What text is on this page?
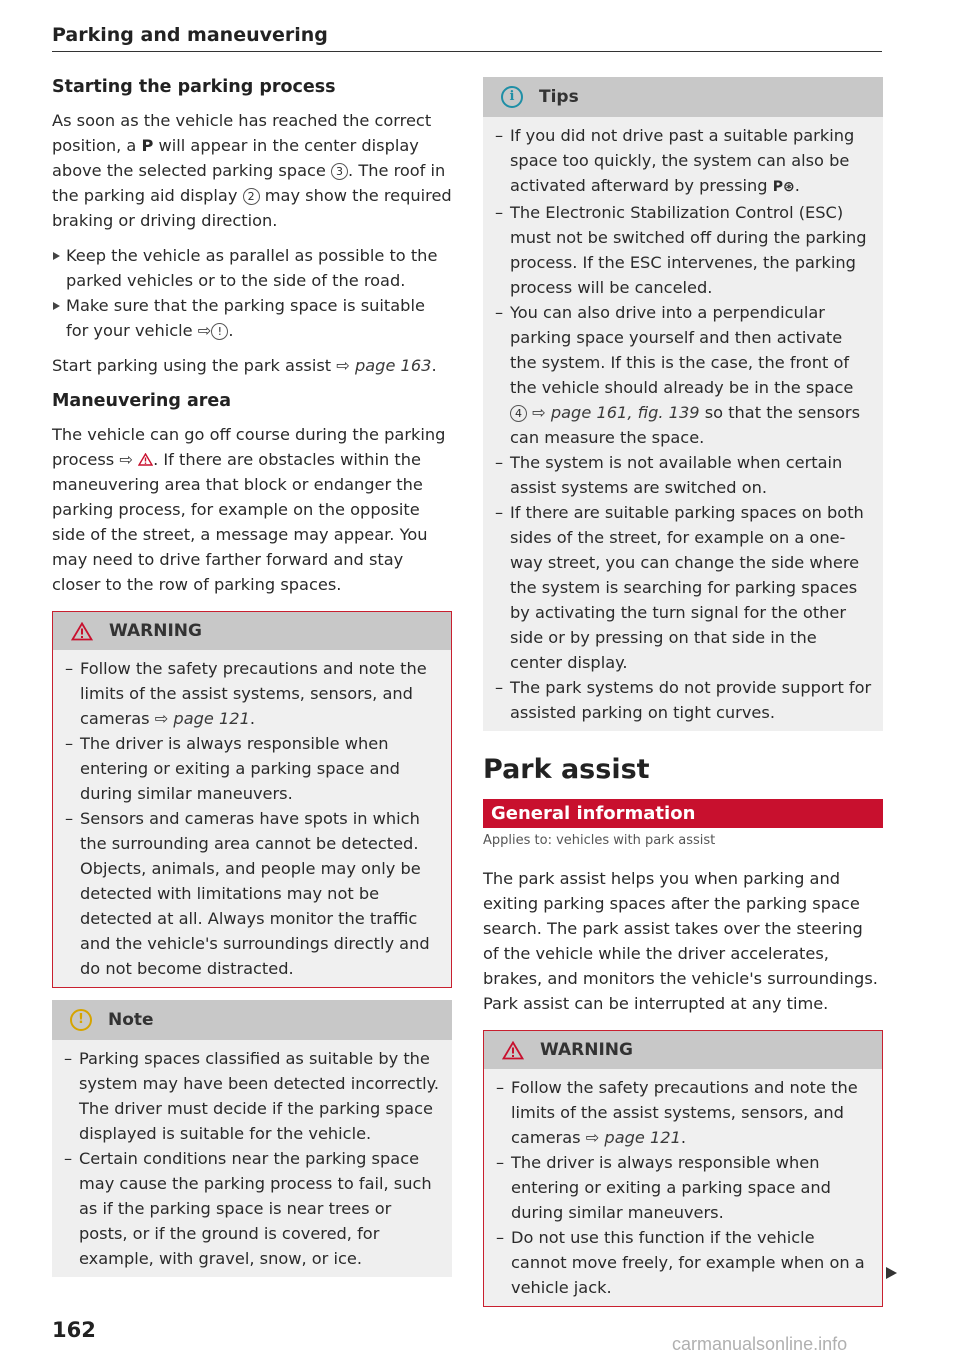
Parking and maneuvering
Starting the parking process

As soon as the vehicle has reached the correct position, a P will appear in the center display above the selected parking space 3 . The roof in the parking aid display 2 may show the required braking or driving direction.

Keep the vehicle as parallel as possible to the parked vehicles or to the side of the road.
Make sure that the parking space is suitable for your vehicle ⇨ ! .

Start parking using the park assist ⇨ page 163.

Maneuvering area

The vehicle can go off course during the parking process ⇨ . If there are obstacles within the maneuvering area that block or endanger the parking process, for example on the opposite side of the street, a message may appear. You may need to drive farther forward and stay closer to the row of parking spaces.

WARNING
– Follow the safety precautions and note the limits of the assist systems, sensors, and cameras ⇨ page 121.
– The driver is always responsible when entering or exiting a parking space and during similar maneuvers.
– Sensors and cameras have spots in which the surrounding area cannot be detected. Objects, animals, and people may only be detected with limitations may not be detected at all. Always monitor the traffic and the vehicle's surroundings directly and do not become distracted.
!	Note
– Parking spaces classified as suitable by the system may have been detected incorrectly. The driver must decide if the parking space displayed is suitable for the vehicle.
– Certain conditions near the parking space may cause the parking process to fail, such as if the parking space is near trees or posts, or if the ground is covered, for example, with gravel, snow, or ice.
i	Tips
– If you did not drive past a suitable parking space too quickly, the system can also be activated afterward by pressing P⊛.
– The Electronic Stabilization Control (ESC) must not be switched off during the parking process. If the ESC intervenes, the parking process will be canceled.
– You can also drive into a perpendicular parking space yourself and then activate the system. If this is the case, the front of the vehicle should already be in the space 4 ⇨ page 161, fig. 139 so that the sensors can measure the space.
– The system is not available when certain assist systems are switched on.
– If there are suitable parking spaces on both sides of the street, for example on a one-way street, you can change the side where the system is searching for parking spaces by activating the turn signal for the other side or by pressing on that side in the center display.
– The park systems do not provide support for assisted parking on tight curves.
Park assist
General information
Applies to: vehicles with park assist

The park assist helps you when parking and exiting parking spaces after the parking space search. The park assist takes over the steering of the vehicle while the driver accelerates, brakes, and monitors the vehicle's surroundings. Park assist can be interrupted at any time.

WARNING
– Follow the safety precautions and note the limits of the assist systems, sensors, and cameras ⇨ page 121.
– The driver is always responsible when entering or exiting a parking space and during similar maneuvers.
– Do not use this function if the vehicle cannot move freely, for example when on a vehicle jack.
162
carmanualsonline.info
